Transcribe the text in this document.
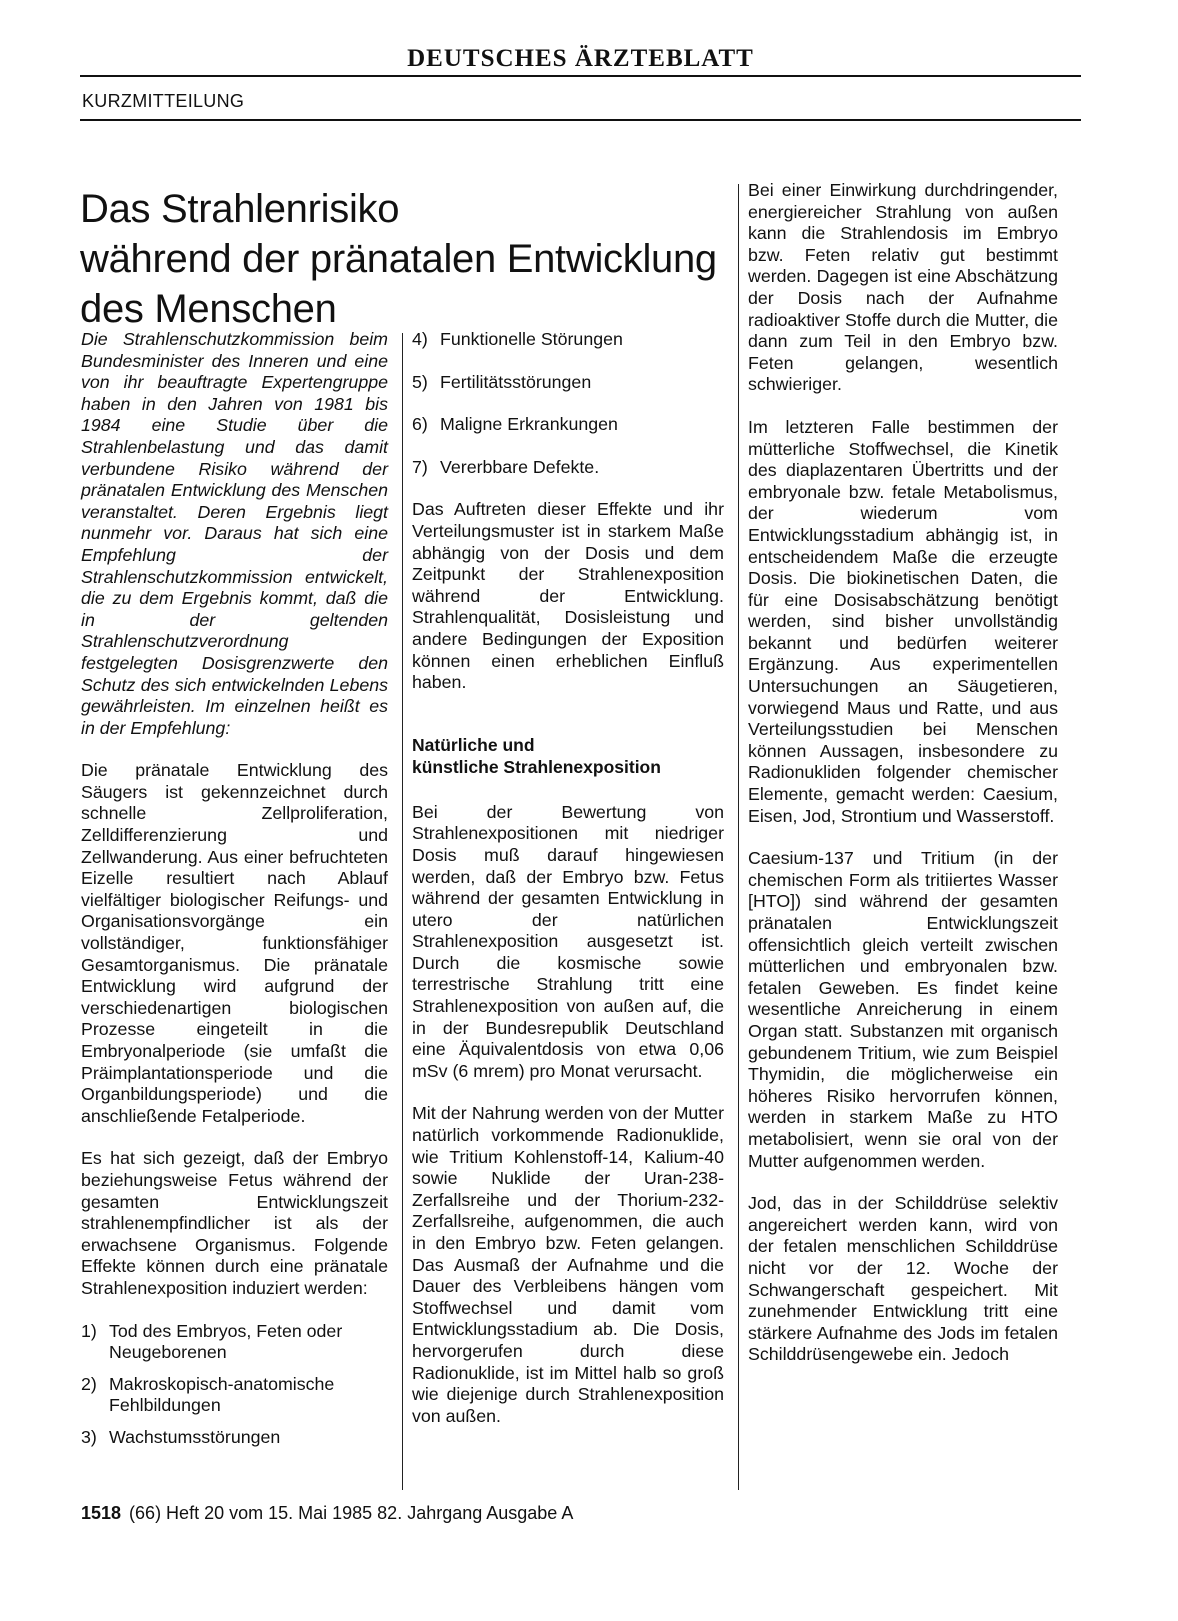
DEUTSCHES ÄRZTEBLATT
KURZMITTEILUNG
Das Strahlenrisiko
während der pränatalen Entwicklung
des Menschen

Die Strahlenschutzkommission beim Bundesminister des Inneren und eine von ihr beauftragte Expertengruppe haben in den Jahren von 1981 bis 1984 eine Studie über die Strahlenbelastung und das damit verbundene Risiko während der pränatalen Entwicklung des Menschen veranstaltet. Deren Ergebnis liegt nunmehr vor. Daraus hat sich eine Empfehlung der Strahlenschutzkommission entwickelt, die zu dem Ergebnis kommt, daß die in der geltenden Strahlenschutzverordnung festgelegten Dosisgrenzwerte den Schutz des sich entwickelnden Lebens gewährleisten. Im einzelnen heißt es in der Empfehlung:

Die pränatale Entwicklung des Säugers ist gekennzeichnet durch schnelle Zellproliferation, Zelldifferenzierung und Zellwanderung. Aus einer befruchteten Eizelle resultiert nach Ablauf vielfältiger biologischer Reifungs- und Organisationsvorgänge ein vollständiger, funktionsfähiger Gesamtorganismus. Die pränatale Entwicklung wird aufgrund der verschiedenartigen biologischen Prozesse eingeteilt in die Embryonalperiode (sie umfaßt die Präimplantationsperiode und die Organbildungsperiode) und die anschließende Fetalperiode.

Es hat sich gezeigt, daß der Embryo beziehungsweise Fetus während der gesamten Entwicklungszeit strahlenempfindlicher ist als der erwachsene Organismus. Folgende Effekte können durch eine pränatale Strahlenexposition induziert werden:

1) Tod des Embryos, Feten oder Neugeborenen
2) Makroskopisch-anatomische Fehlbildungen
3) Wachstumsstörungen
4) Funktionelle Störungen
5) Fertilitätsstörungen
6) Maligne Erkrankungen
7) Vererbbare Defekte.

Das Auftreten dieser Effekte und ihr Verteilungsmuster ist in starkem Maße abhängig von der Dosis und dem Zeitpunkt der Strahlenexposition während der Entwicklung. Strahlenqualität, Dosisleistung und andere Bedingungen der Exposition können einen erheblichen Einfluß haben.

Natürliche und
künstliche Strahlenexposition

Bei der Bewertung von Strahlenexpositionen mit niedriger Dosis muß darauf hingewiesen werden, daß der Embryo bzw. Fetus während der gesamten Entwicklung in utero der natürlichen Strahlenexposition ausgesetzt ist. Durch die kosmische sowie terrestrische Strahlung tritt eine Strahlenexposition von außen auf, die in der Bundesrepublik Deutschland eine Äquivalentdosis von etwa 0,06 mSv (6 mrem) pro Monat verursacht.

Mit der Nahrung werden von der Mutter natürlich vorkommende Radionuklide, wie Tritium Kohlenstoff-14, Kalium-40 sowie Nuklide der Uran-238-Zerfallsreihe und der Thorium-232-Zerfallsreihe, aufgenommen, die auch in den Embryo bzw. Feten gelangen. Das Ausmaß der Aufnahme und die Dauer des Verbleibens hängen vom Stoffwechsel und damit vom Entwicklungsstadium ab. Die Dosis, hervorgerufen durch diese Radionuklide, ist im Mittel halb so groß wie diejenige durch Strahlenexposition von außen.

Bei einer Einwirkung durchdringender, energiereicher Strahlung von außen kann die Strahlendosis im Embryo bzw. Feten relativ gut bestimmt werden. Dagegen ist eine Abschätzung der Dosis nach der Aufnahme radioaktiver Stoffe durch die Mutter, die dann zum Teil in den Embryo bzw. Feten gelangen, wesentlich schwieriger.

Im letzteren Falle bestimmen der mütterliche Stoffwechsel, die Kinetik des diaplazentaren Übertritts und der embryonale bzw. fetale Metabolismus, der wiederum vom Entwicklungsstadium abhängig ist, in entscheidendem Maße die erzeugte Dosis. Die biokinetischen Daten, die für eine Dosisabschätzung benötigt werden, sind bisher unvollständig bekannt und bedürfen weiterer Ergänzung. Aus experimentellen Untersuchungen an Säugetieren, vorwiegend Maus und Ratte, und aus Verteilungsstudien bei Menschen können Aussagen, insbesondere zu Radionukliden folgender chemischer Elemente, gemacht werden: Caesium, Eisen, Jod, Strontium und Wasserstoff.

Caesium-137 und Tritium (in der chemischen Form als tritiiertes Wasser [HTO]) sind während der gesamten pränatalen Entwicklungszeit offensichtlich gleich verteilt zwischen mütterlichen und embryonalen bzw. fetalen Geweben. Es findet keine wesentliche Anreicherung in einem Organ statt. Substanzen mit organisch gebundenem Tritium, wie zum Beispiel Thymidin, die möglicherweise ein höheres Risiko hervorrufen können, werden in starkem Maße zu HTO metabolisiert, wenn sie oral von der Mutter aufgenommen werden.

Jod, das in der Schilddrüse selektiv angereichert werden kann, wird von der fetalen menschlichen Schilddrüse nicht vor der 12. Woche der Schwangerschaft gespeichert. Mit zunehmender Entwicklung tritt eine stärkere Aufnahme des Jods im fetalen Schilddrüsengewebe ein. Jedoch

1518 (66) Heft 20 vom 15. Mai 1985 82. Jahrgang Ausgabe A
